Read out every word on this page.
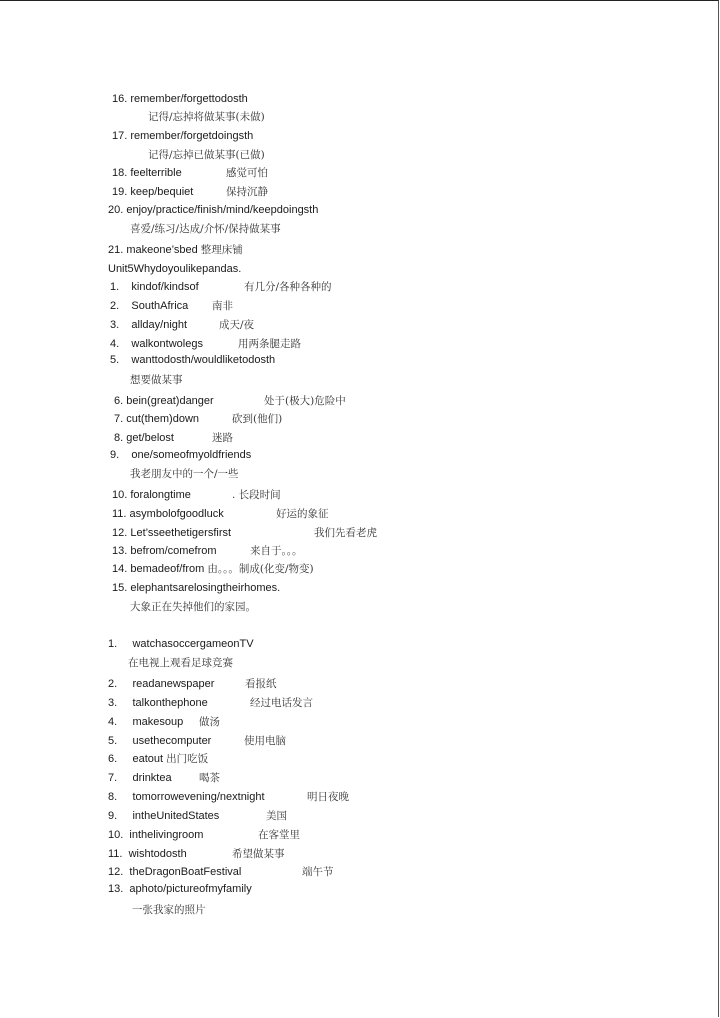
16. remember/forgettodosth
记得/忘掉将做某事(未做)
17. remember/forgetdoingsth
记得/忘掉已做某事(已做)
18. feelterrible	感觉可怕
19. keep/bequiet	保持沉静
20. enjoy/practice/finish/mind/keepdoingsth
喜爱/练习/达成/介怀/保持做某事
21. makeone’sbed 整理床铺
Unit5Whydoyoulikepandas.
1. kindof/kindsof	有几分/各种各种的
2. SouthAfrica 南非
3. allday/night	成天/夜
4. walkontwolegs	用两条腿走路
5. wanttodosth/wouldliketodosth
想要做某事
6. bein(great)danger	处于(极大)危险中
7. cut(them)down	砍到(他们)
8. get/belost	迷路
9. one/someofmyoldfriends
我老朋友中的一个/一些
10. foralongtime	. 长段时间
11. asymbolofgoodluck	好运的象征
12. Let’sseethetigersfirst	我们先看老虎
13. befrom/comefrom	来自于。。。
14. bemadeof/from 由。。。制成(化变/物变)
15. elephantsarelosingtheirhomes.
大象正在失掉他们的家园。
1. watchasoccergameonTV
在电视上观看足球竞赛
2. readanewspaper	看报纸
3. talkonthephone	经过电话发言
4. makesoup 做汤
5. usethecomputer	使用电脑
6. eatout 出门吃饭
7. drinktea	喝茶
8. tomorrowevening/nextnight	明日夜晚
9. intheUnitedStates	美国
10. inthelivingroom	在客堂里
11. wishtodosth	希望做某事
12. theDragonBoatFestival	端午节
13. aphoto/pictureofmyfamily
一张我家的照片
